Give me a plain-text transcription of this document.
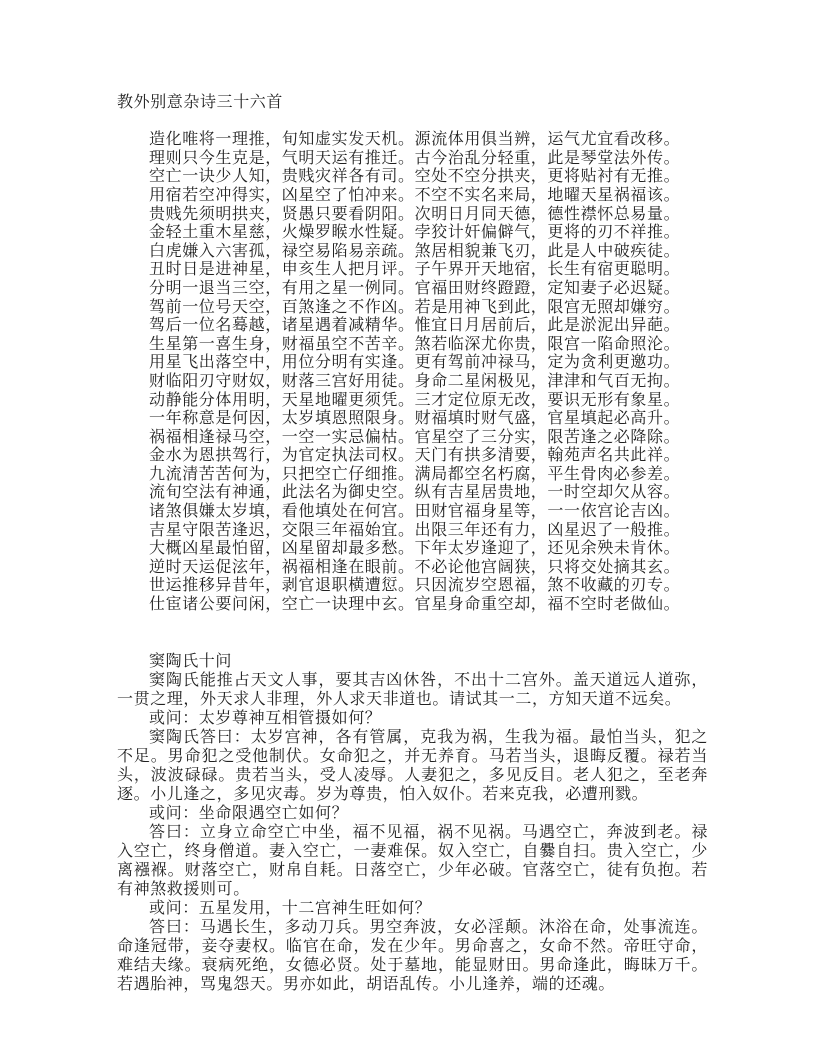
教外别意杂诗三十六首
造化唯将一理推，旬知虚实发天机。源流体用俱当辨，运气尤宜看改移。
理则只今生克是，气明天运有推迁。古今治乱分轻重，此是琴堂法外传。
空亡一诀少人知，贵贱灾祥各有司。空处不空分拱夹，更将贴衬有无推。
用宿若空冲得实，凶星空了怕冲来。不空不实名来局，地曜天星祸福该。
贵贱先须明拱夹，贤愚只要看阴阳。次明日月同天德，德性襟怀总易量。
金轻土重木星慈，火燥罗睺水性疑。孛狡计奸偏僻气，更将的刃不祥推。
白虎嫌入六害孤，禄空易陷易亲疏。煞居相貌兼飞刃，此是人中破疾徒。
丑时日是进神星，申亥生人把月评。子午界开天地宿，长生有宿更聪明。
分明一退当三空，有用之星一例同。官福田财终蹬蹬，定知妻子必迟疑。
驾前一位号天空，百煞逢之不作凶。若是用神飞到此，限宫无照却嫌穷。
驾后一位名蓦越，诸星遇着减精华。惟宜日月居前后，此是淤泥出异葩。
生星第一喜生身，财福虽空不苦辛。煞若临深尤你贵，限宫一陷命照沦。
用星飞出落空中，用位分明有实逢。更有驾前冲禄马，定为贪利更邀功。
财临阳刃守财奴，财落三宫好用徒。身命二星闲极见，津津和气百无拘。
动静能分体用明，天星地曜更须凭。三才定位原无改，要识无形有象星。
一年称意是何因，太岁填恩照限身。财福填时财气盛，官星填起必高升。
祸福相逢禄马空，一空一实忌偏枯。官星空了三分实，限苦逢之必降除。
金水为恩拱驾行，为官定执法司权。天门有拱多清要，翰苑声名共此祥。
九流清苦苦何为，只把空亡仔细推。满局都空名朽腐，平生骨肉必参差。
流旬空法有神通，此法名为御史空。纵有吉星居贵地，一时空却欠从容。
诸煞俱嫌太岁填，看他填处在何宫。田财官福身星等，一一依宫论吉凶。
吉星守限苦逢迟，交限三年福始宜。出限三年还有力，凶星迟了一般推。
大概凶星最怕留，凶星留却最多愁。下年太岁逢迎了，还见余殃未肯休。
逆时天运促泫年，祸福相逢在眼前。不必论他宫阔狭，只将交处摘其玄。
世运推移异昔年，剥官退职横遭愆。只因流岁空恩福，煞不收藏的刃专。
仕宦诸公要问闲，空亡一诀理中玄。官星身命重空却，福不空时老做仙。
窦陶氏十问

窦陶氏能推占天文人事，要其吉凶休咎，不出十二宫外。盖天道远人道弥，一贯之理，外天求人非理，外人求天非道也。请试其一二，方知天道不远矣。

或问：太岁尊神互相管摄如何？

窦陶氏答曰：太岁宫神，各有管属，克我为祸，生我为福。最怕当头，犯之不足。男命犯之受他制伏。女命犯之，并无养育。马若当头，退晦反覆。禄若当头，波波碌碌。贵若当头，受人凌辱。人妻犯之，多见反目。老人犯之，至老奔逐。小儿逢之，多见灾毒。岁为尊贵，怕入奴仆。若来克我，必遭刑戮。

或问：坐命限遇空亡如何？

答曰：立身立命空亡中坐，福不见福，祸不见祸。马遇空亡，奔波到老。禄入空亡，终身僧道。妻入空亡，一妻难保。奴入空亡，自爨自扫。贵入空亡，少离襁褓。财落空亡，财帛自耗。日落空亡，少年必破。官落空亡，徒有负抱。若有神煞救援则可。

或问：五星发用，十二宫神生旺如何？

答曰：马遇长生，多动刀兵。男空奔波，女必淫颠。沐浴在命，处事流连。命逢冠带，妾夺妻权。临官在命，发在少年。男命喜之，女命不然。帝旺守命，难结夫缘。衰病死绝，女德必贤。处于墓地，能显财田。男命逢此，晦昧万千。若遇胎神，骂鬼怨天。男亦如此，胡语乱传。小儿逢养，端的还魂。
